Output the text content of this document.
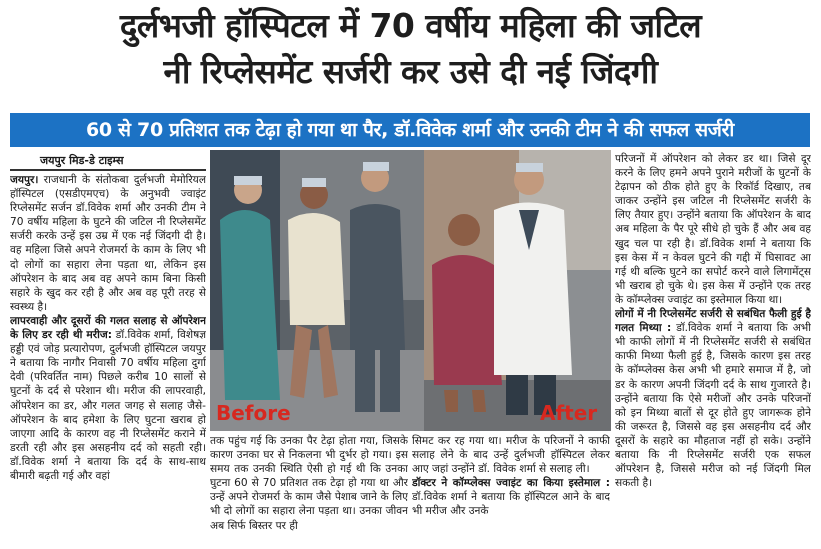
दुर्लभजी हॉस्पिटल में 70 वर्षीय महिला की जटिल
नी रिप्लेसमेंट सर्जरी कर उसे दी नई जिंदगी
60 से 70 प्रतिशत तक टेढ़ा हो गया था पैर, डॉ.विवेक शर्मा और उनकी टीम ने की सफल सर्जरी
जयपुर मिड-डे टाइम्स

जयपुर। राजधानी के संतोकबा दुर्लभजी मेमोरियल हॉस्पिटल (एसडीएमएच) के अनुभवी ज्वाइंट रिप्लेसमेंट सर्जन डॉ.विवेक शर्मा और उनकी टीम ने 70 वर्षीय महिला के घुटने की जटिल नी रिप्लेसमेंट सर्जरी करके उन्हें इस उम्र में एक नई जिंदगी दी है। वह महिला जिसे अपने रोजमर्रा के काम के लिए भी दो लोगों का सहारा लेना पड़ता था, लेकिन इस ऑपरेशन के बाद अब वह अपने काम बिना किसी सहारे के खुद कर रही है और अब वह पूरी तरह से स्वस्थ्य है।

लापरवाही और दूसरों की गलत सलाह से ऑपरेशन के लिए डर रही थी मरीज: डॉ.विवेक शर्मा, विशेषज्ञ हड्डी एवं जोड़ प्रत्यारोपण, दुर्लभजी हॉस्पिटल जयपुर ने बताया कि नागौर निवासी 70 वर्षीय महिला दुर्गा देवी (परिवर्तित नाम) पिछले करीब 10 सालों से घुटनों के दर्द से परेशान थी। मरीज की लापरवाही, ऑपरेशन का डर, और गलत जगह से सलाह जैसे- ऑपरेशन के बाद हमेशा के लिए घुटना खराब हो जाएगा आदि के कारण वह नी रिप्लेसमेंट कराने में डरती रही और इस असहनीय दर्द को सहती रही। डॉ.विवेक शर्मा ने बताया कि दर्द के साथ-साथ बीमारी बढ़ती गई और वहां

Before	After

तक पहुंच गई कि उनका पैर टेढ़ा होता गया, जिसके कारण उनका घर से निकलना भी दुर्भर हो गया। इस समय तक उनकी स्थिति ऐसी हो गई थी कि उनका घुटना 60 से 70 प्रतिशत तक टेढ़ा हो गया था और उन्हें अपने रोजमर्रा के काम जैसे पेशाब जाने के लिए भी दो लोगों का सहारा लेना पड़ता था। उनका जीवन अब सिर्फ बिस्तर पर ही

सिमट कर रह गया था। मरीज के परिजनों ने काफी सलाह लेने के बाद उन्हें दुर्लभजी हॉस्पिटल लेकर आए जहां उन्होंने डॉ. विवेक शर्मा से सलाह ली।

डॉक्टर ने कॉम्प्लेक्स ज्वाइंट का किया इस्तेमाल : डॉ.विवेक शर्मा ने बताया कि हॉस्पिटल आने के बाद भी मरीज और उनके

परिजनों में ऑपरेशन को लेकर डर था। जिसे दूर करने के लिए हमने अपने पुराने मरीजों के घुटनों के टेढ़ापन को ठीक होते हुए के रिकॉर्ड दिखाए, तब जाकर उन्होंने इस जटिल नी रिप्लेसमेंट सर्जरी के लिए तैयार हुए। उन्होंने बताया कि ऑपरेशन के बाद अब महिला के पैर पूरे सीधे हो चुके हैं और अब वह खुद चल पा रही है। डॉ.विवेक शर्मा ने बताया कि इस केस में न केवल घुटने की गद्दी में घिसावट आ गई थी बल्कि घुटने का सपोर्ट करने वाले लिगामेंट्स भी खराब हो चुके थे। इस केस में उन्होंने एक तरह के कॉम्प्लेक्स ज्वाइंट का इस्तेमाल किया था।

लोगों में नी रिप्लेसमेंट सर्जरी से सबंधित फैली हुई है गलत मिथ्या : डॉ.विवेक शर्मा ने बताया कि अभी भी काफी लोगों में नी रिप्लेसमेंट सर्जरी से सबंधित काफी मिथ्या फैली हुई है, जिसके कारण इस तरह के कॉम्प्लेक्स केस अभी भी हमारे समाज में है, जो डर के कारण अपनी जिंदगी दर्द के साथ गुजारते है। उन्होंने बताया कि ऐसे मरीजों और उनके परिजनों को इन मिथ्या बातों से दूर होते हुए जागरूक होने की जरूरत है, जिससे वह इस असहनीय दर्द और दूसरों के सहारे का मौहताज नहीं हो सके। उन्होंने बताया कि नी रिप्लेसमेंट सर्जरी एक सफल ऑपरेशन है, जिससे मरीज को नई जिंदगी मिल सकती है।
